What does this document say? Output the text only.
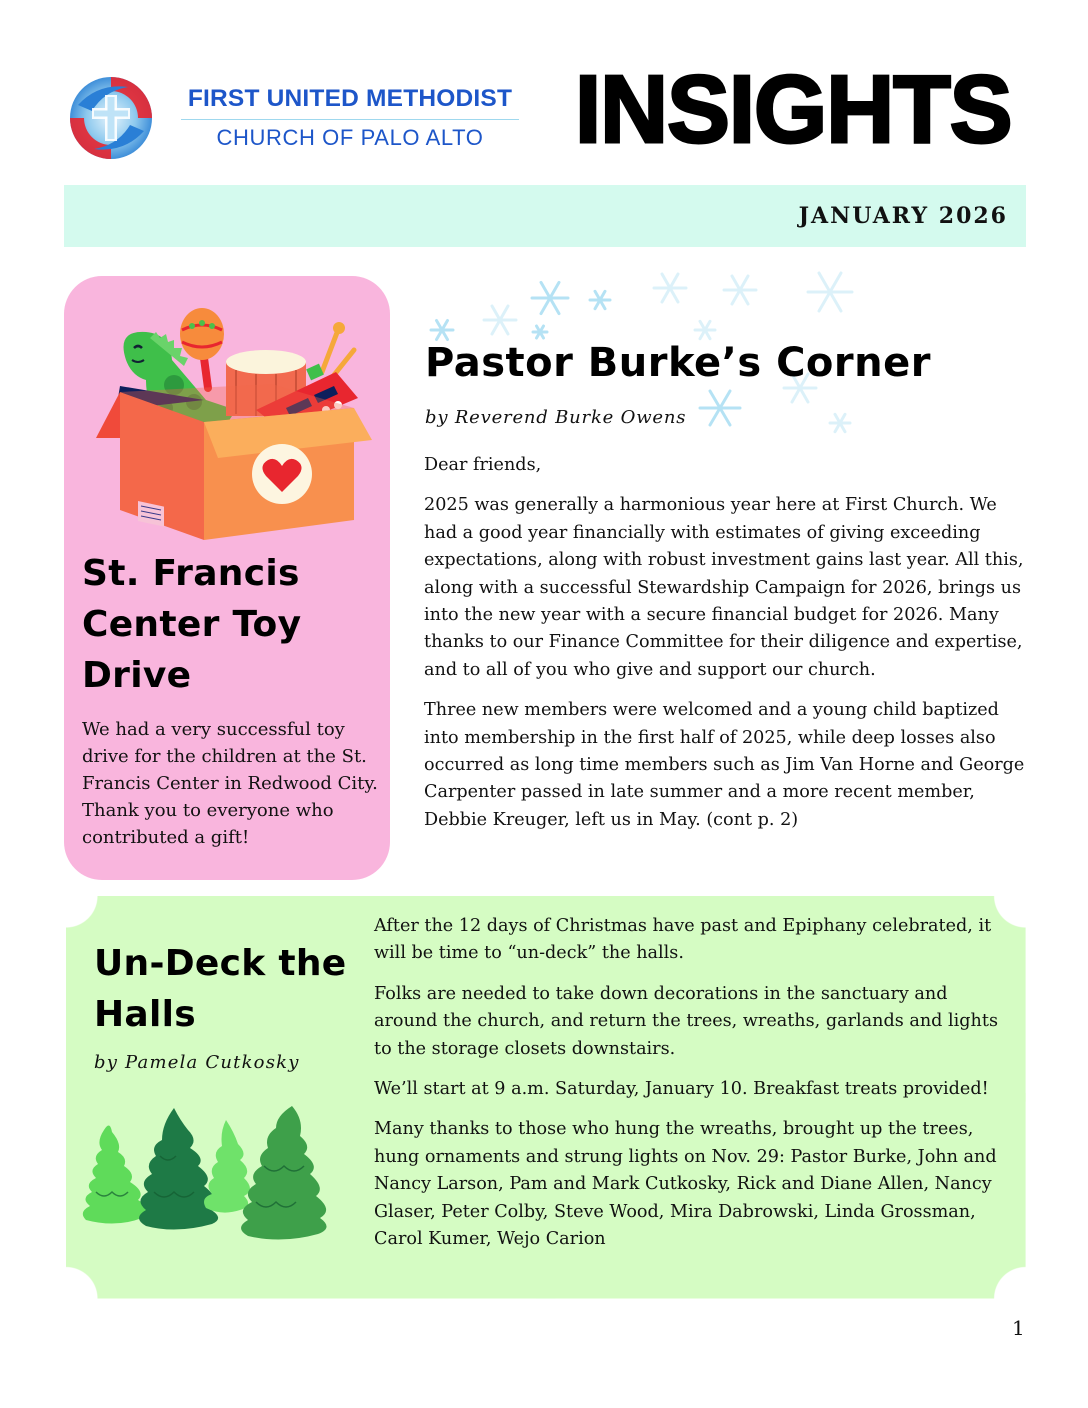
FIRST UNITED METHODIST
CHURCH OF PALO ALTO INSIGHTS
JANUARY 2026
St. Francis Center Toy Drive
We had a very successful toy drive for the children at the St. Francis Center in Redwood City. Thank you to everyone who contributed a gift!
Pastor Burke’s Corner
by Reverend Burke Owens

Dear friends,

2025 was generally a harmonious year here at First Church. We had a good year financially with estimates of giving exceeding expectations, along with robust investment gains last year. All this, along with a successful Stewardship Campaign for 2026, brings us into the new year with a secure financial budget for 2026. Many thanks to our Finance Committee for their diligence and expertise, and to all of you who give and support our church.

Three new members were welcomed and a young child baptized into membership in the first half of 2025, while deep losses also occurred as long time members such as Jim Van Horne and George Carpenter passed in late summer and a more recent member, Debbie Kreuger, left us in May. (cont p. 2)

Un-Deck the Halls
by Pamela Cutkosky

After the 12 days of Christmas have past and Epiphany celebrated, it will be time to “un-deck” the halls.

Folks are needed to take down decorations in the sanctuary and around the church, and return the trees, wreaths, garlands and lights to the storage closets downstairs.

We’ll start at 9 a.m. Saturday, January 10. Breakfast treats provided!

Many thanks to those who hung the wreaths, brought up the trees, hung ornaments and strung lights on Nov. 29: Pastor Burke, John and Nancy Larson, Pam and Mark Cutkosky, Rick and Diane Allen, Nancy Glaser, Peter Colby, Steve Wood, Mira Dabrowski, Linda Grossman, Carol Kumer, Wejo Carion

1
